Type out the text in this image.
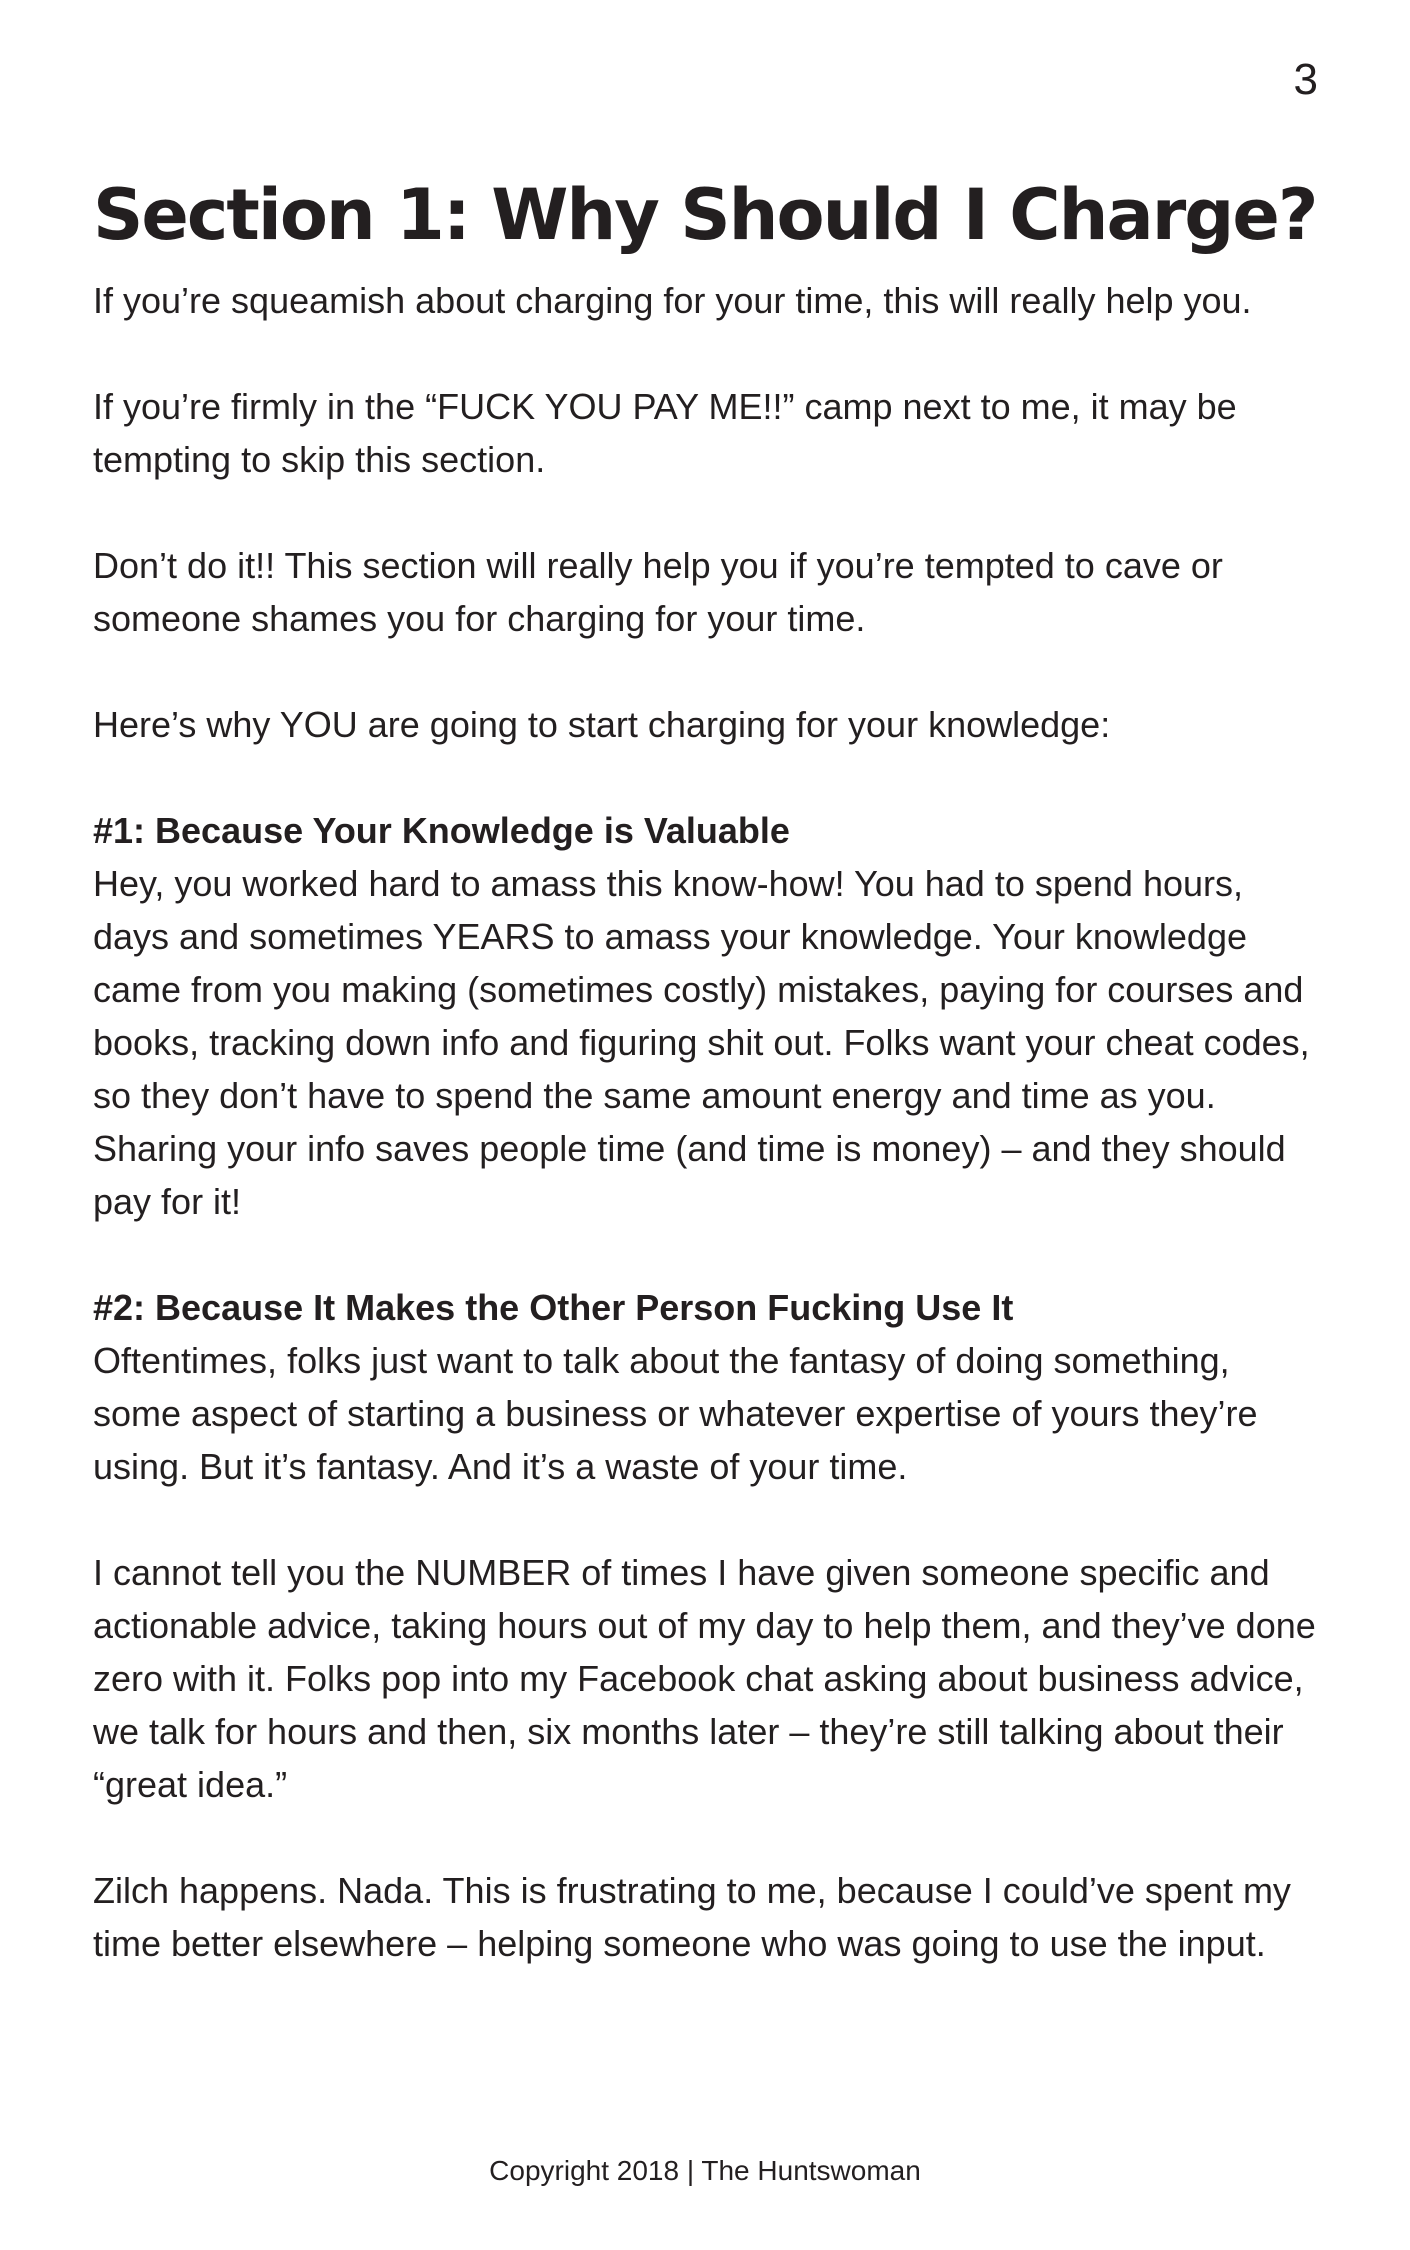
3
Section 1: Why Should I Charge?

If you’re squeamish about charging for your time, this will really help you.

If you’re firmly in the “FUCK YOU PAY ME!!” camp next to me, it may be tempting to skip this section.

Don’t do it!! This section will really help you if you’re tempted to cave or someone shames you for charging for your time.

Here’s why YOU are going to start charging for your knowledge:

#1: Because Your Knowledge is Valuable
Hey, you worked hard to amass this know-how! You had to spend hours, days and sometimes YEARS to amass your knowledge. Your knowledge came from you making (sometimes costly) mistakes, paying for courses and books, tracking down info and figuring shit out. Folks want your cheat codes, so they don’t have to spend the same amount energy and time as you. Sharing your info saves people time (and time is money) – and they should pay for it!

#2: Because It Makes the Other Person Fucking Use It
Oftentimes, folks just want to talk about the fantasy of doing something, some aspect of starting a business or whatever expertise of yours they’re using. But it’s fantasy. And it’s a waste of your time.

I cannot tell you the NUMBER of times I have given someone specific and actionable advice, taking hours out of my day to help them, and they’ve done zero with it. Folks pop into my Facebook chat asking about business advice, we talk for hours and then, six months later – they’re still talking about their “great idea.”

Zilch happens. Nada. This is frustrating to me, because I could’ve spent my time better elsewhere – helping someone who was going to use the input.

Copyright 2018 | The Huntswoman
